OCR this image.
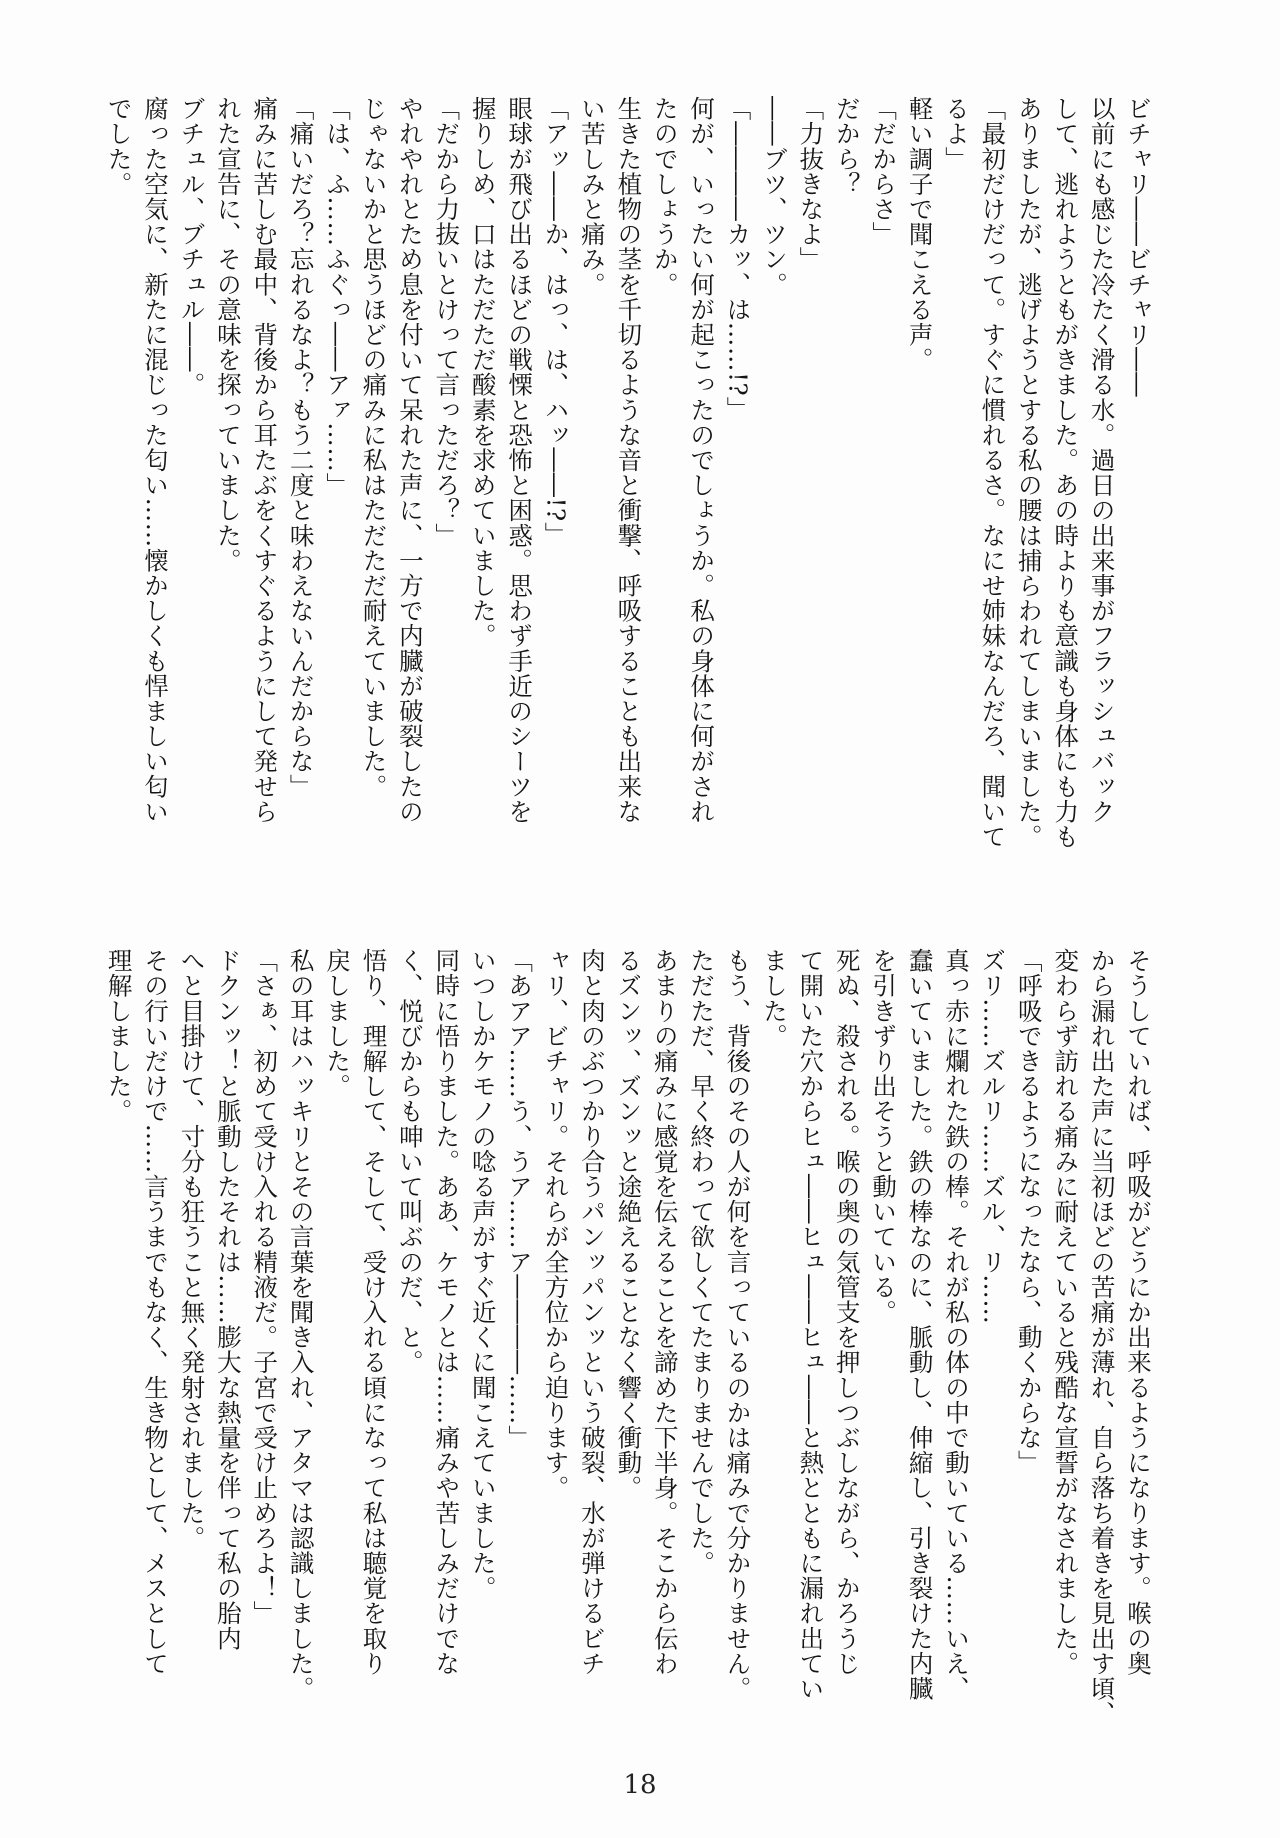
ビチャリ――ビチャリ――

以前にも感じた冷たく滑る水。過日の出来事がフラッシュバック

して、逃れようともがきました。あの時よりも意識も身体にも力も

ありましたが、逃げようとする私の腰は捕らわれてしまいました。

「最初だけだって。すぐに慣れるさ。なにせ姉妹なんだろ、聞いて

るよ」

軽い調子で聞こえる声。

「だからさ」

だから？

「力抜きなよ」

――ブツ、ツン。

「――――カッ、は……!?」

何が、いったい何が起こったのでしょうか。私の身体に何がされ

たのでしょうか。

生きた植物の茎を千切るような音と衝撃、呼吸することも出来な

い苦しみと痛み。

「アッ――か、はっ、は、ハッ――!?」

眼球が飛び出るほどの戦慄と恐怖と困惑。思わず手近のシーツを

握りしめ、口はただただ酸素を求めていました。

「だから力抜いとけって言っただろ？」

やれやれとため息を付いて呆れた声に、一方で内臓が破裂したの

じゃないかと思うほどの痛みに私はただただ耐えていました。

「は、ふ……ふぐっ――アァ……」

「痛いだろ？忘れるなよ？もう二度と味わえないんだからな」

痛みに苦しむ最中、背後から耳たぶをくすぐるようにして発せら

れた宣告に、その意味を探っていました。

ブチュル、ブチュル――。

腐った空気に、新たに混じった匂い……懐かしくも悍ましい匂い

でした。

そうしていれば、呼吸がどうにか出来るようになります。喉の奥

から漏れ出た声に当初ほどの苦痛が薄れ、自ら落ち着きを見出す頃、

変わらず訪れる痛みに耐えていると残酷な宣誓がなされました。

「呼吸できるようになったなら、動くからな」

ズリ……ズルリ……ズル、リ……

真っ赤に爛れた鉄の棒。それが私の体の中で動いている……いえ、

蠢いていました。鉄の棒なのに、脈動し、伸縮し、引き裂けた内臓

を引きずり出そうと動いている。

死ぬ、殺される。喉の奥の気管支を押しつぶしながら、かろうじ

て開いた穴からヒュ――ヒュ――ヒュ――と熱とともに漏れ出てい

ました。

もう、背後のその人が何を言っているのかは痛みで分かりません。

ただただ、早く終わって欲しくてたまりませんでした。

あまりの痛みに感覚を伝えることを諦めた下半身。そこから伝わ

るズンッ、ズンッと途絶えることなく響く衝動。

肉と肉のぶつかり合うパンッパンッという破裂、水が弾けるビチ

ャリ、ビチャリ。それらが全方位から迫ります。

「あアア……う、うア……ア――――……」

いつしかケモノの唸る声がすぐ近くに聞こえていました。

同時に悟りました。ああ、ケモノとは……痛みや苦しみだけでな

く、悦びからも呻いて叫ぶのだ、と。

悟り、理解して、そして、受け入れる頃になって私は聴覚を取り

戻しました。

私の耳はハッキリとその言葉を聞き入れ、アタマは認識しました。

「さぁ、初めて受け入れる精液だ。子宮で受け止めろよ！」

ドクンッ！と脈動したそれは……膨大な熱量を伴って私の胎内

へと目掛けて、寸分も狂うこと無く発射されました。

その行いだけで……言うまでもなく、生き物として、メスとして

理解しました。

18
